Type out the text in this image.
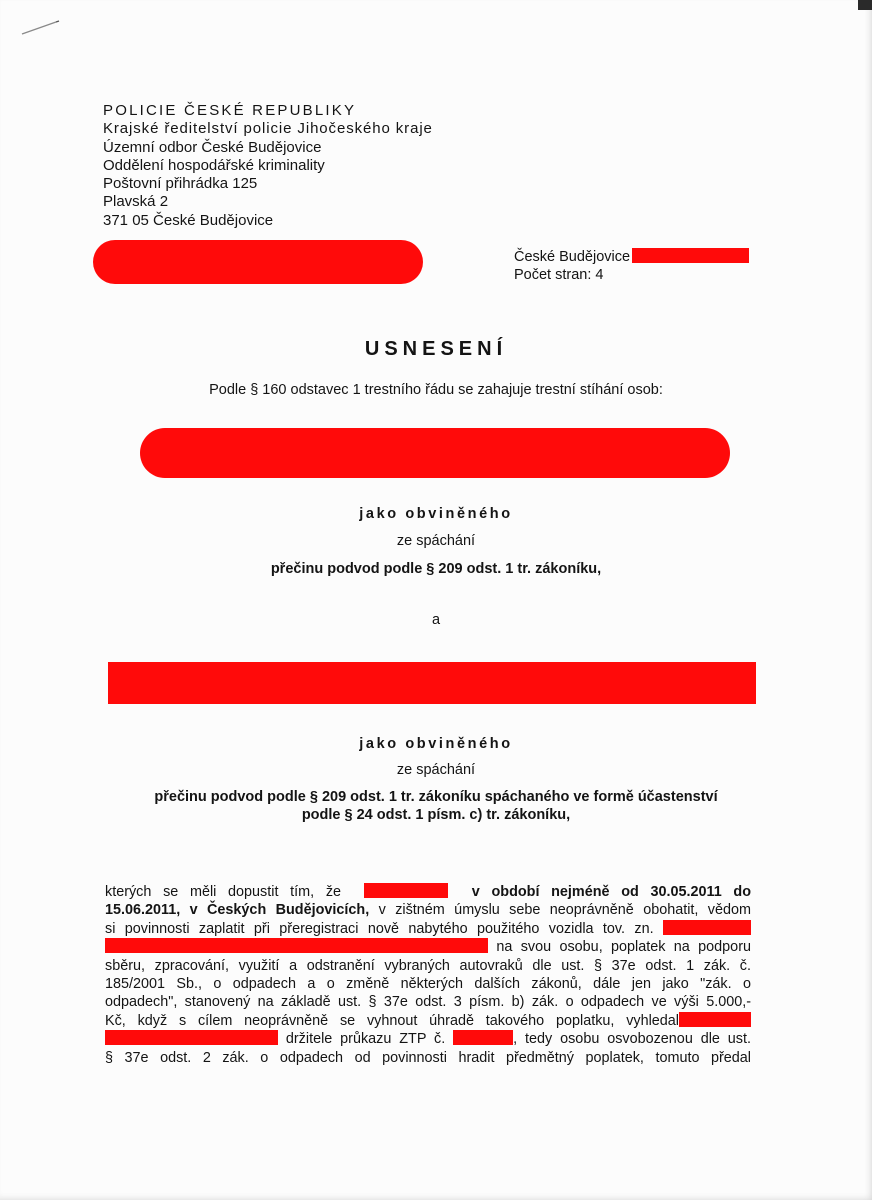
POLICIE ČESKÉ REPUBLIKY
Krajské ředitelství policie Jihočeského kraje
Územní odbor České Budějovice
Oddělení hospodářské kriminality
Poštovní přihrádka 125
Plavská 2
371 05 České Budějovice
České Budějovice
Počet stran: 4
USNESENÍ
Podle § 160 odstavec 1 trestního řádu se zahajuje trestní stíhání osob:
jako obviněného
ze spáchání
přečinu podvod podle § 209 odst. 1 tr. zákoníku,
a
jako obviněného
ze spáchání
přečinu podvod podle § 209 odst. 1 tr. zákoníku spáchaného ve formě účastenství
podle § 24 odst. 1 písm. c) tr. zákoníku,
kterých se měli dopustit tím, že	v období nejméně od 30.05.2011 do
15.06.2011, v Českých Budějovicích, v zištném úmyslu sebe neoprávněně obohatit, vědom
si povinnosti zaplatit při přeregistraci nově nabytého použitého vozidla tov. zn.
na svou osobu, poplatek na podporu
sběru, zpracování, využití a odstranění vybraných autovraků dle ust. § 37e odst. 1 zák. č.
185/2001 Sb., o odpadech a o změně některých dalších zákonů, dále jen jako "zák. o
odpadech", stanovený na základě ust. § 37e odst. 3 písm. b) zák. o odpadech ve výši 5.000,-
Kč, když s cílem neoprávněně se vyhnout úhradě takového poplatku, vyhledal
držitele průkazu ZTP č.	, tedy osobu osvobozenou dle ust.
§ 37e odst. 2 zák. o odpadech od povinnosti hradit předmětný poplatek, tomuto předal
